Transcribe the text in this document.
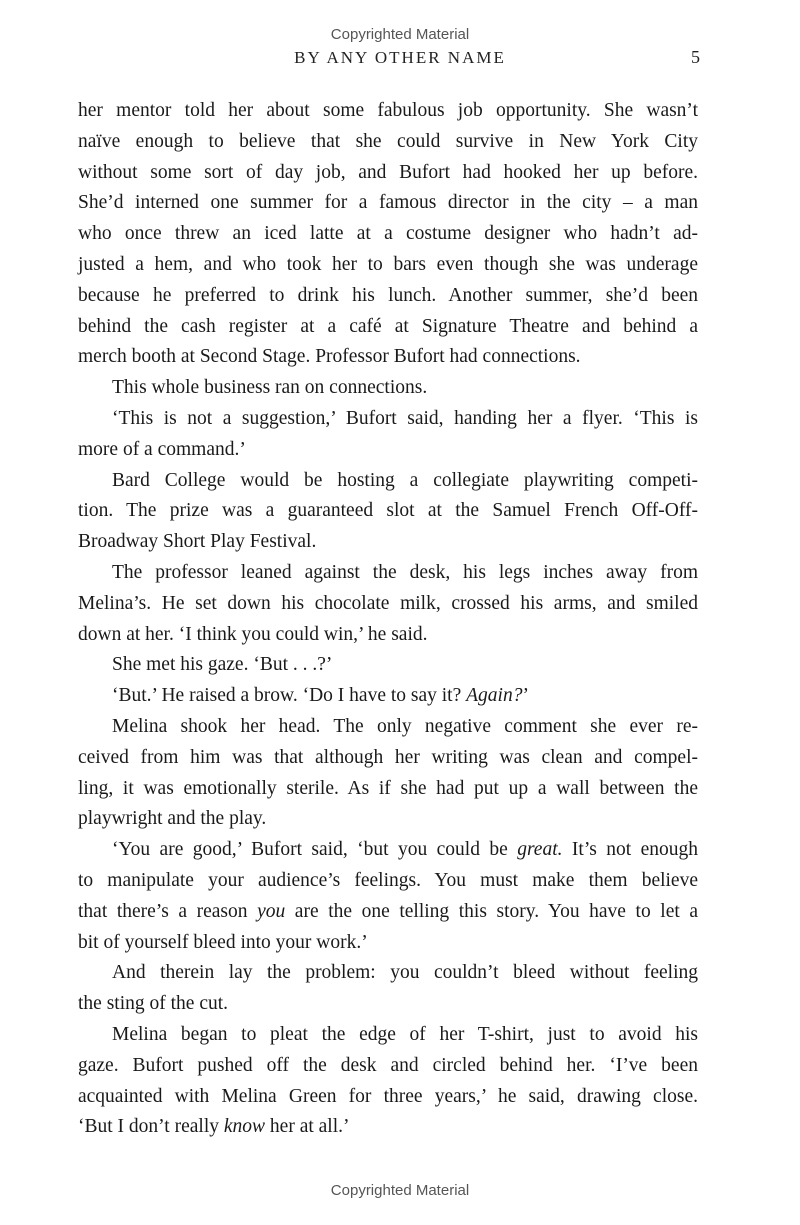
Copyrighted Material
BY ANY OTHER NAME	5
her mentor told her about some fabulous job opportunity. She wasn’t
naïve enough to believe that she could survive in New York City
without some sort of day job, and Bufort had hooked her up before.
She’d interned one summer for a famous director in the city – a man
who once threw an iced latte at a costume designer who hadn’t ad-
justed a hem, and who took her to bars even though she was underage
because he preferred to drink his lunch. Another summer, she’d been
behind the cash register at a café at Signature Theatre and behind a
merch booth at Second Stage. Professor Bufort had connections.
This whole business ran on connections.
‘This is not a suggestion,’ Bufort said, handing her a flyer. ‘This is
more of a command.’
Bard College would be hosting a collegiate playwriting competi-
tion. The prize was a guaranteed slot at the Samuel French Off-Off-
Broadway Short Play Festival.
The professor leaned against the desk, his legs inches away from
Melina’s. He set down his chocolate milk, crossed his arms, and smiled
down at her. ‘I think you could win,’ he said.
She met his gaze. ‘But . . .?’
‘But.’ He raised a brow. ‘Do I have to say it? Again?’
Melina shook her head. The only negative comment she ever re-
ceived from him was that although her writing was clean and compel-
ling, it was emotionally sterile. As if she had put up a wall between the
playwright and the play.
‘You are good,’ Bufort said, ‘but you could be great. It’s not enough
to manipulate your audience’s feelings. You must make them believe
that there’s a reason you are the one telling this story. You have to let a
bit of yourself bleed into your work.’
And therein lay the problem: you couldn’t bleed without feeling
the sting of the cut.
Melina began to pleat the edge of her T-shirt, just to avoid his
gaze. Bufort pushed off the desk and circled behind her. ‘I’ve been
acquainted with Melina Green for three years,’ he said, drawing close.
‘But I don’t really know her at all.’
Copyrighted Material
